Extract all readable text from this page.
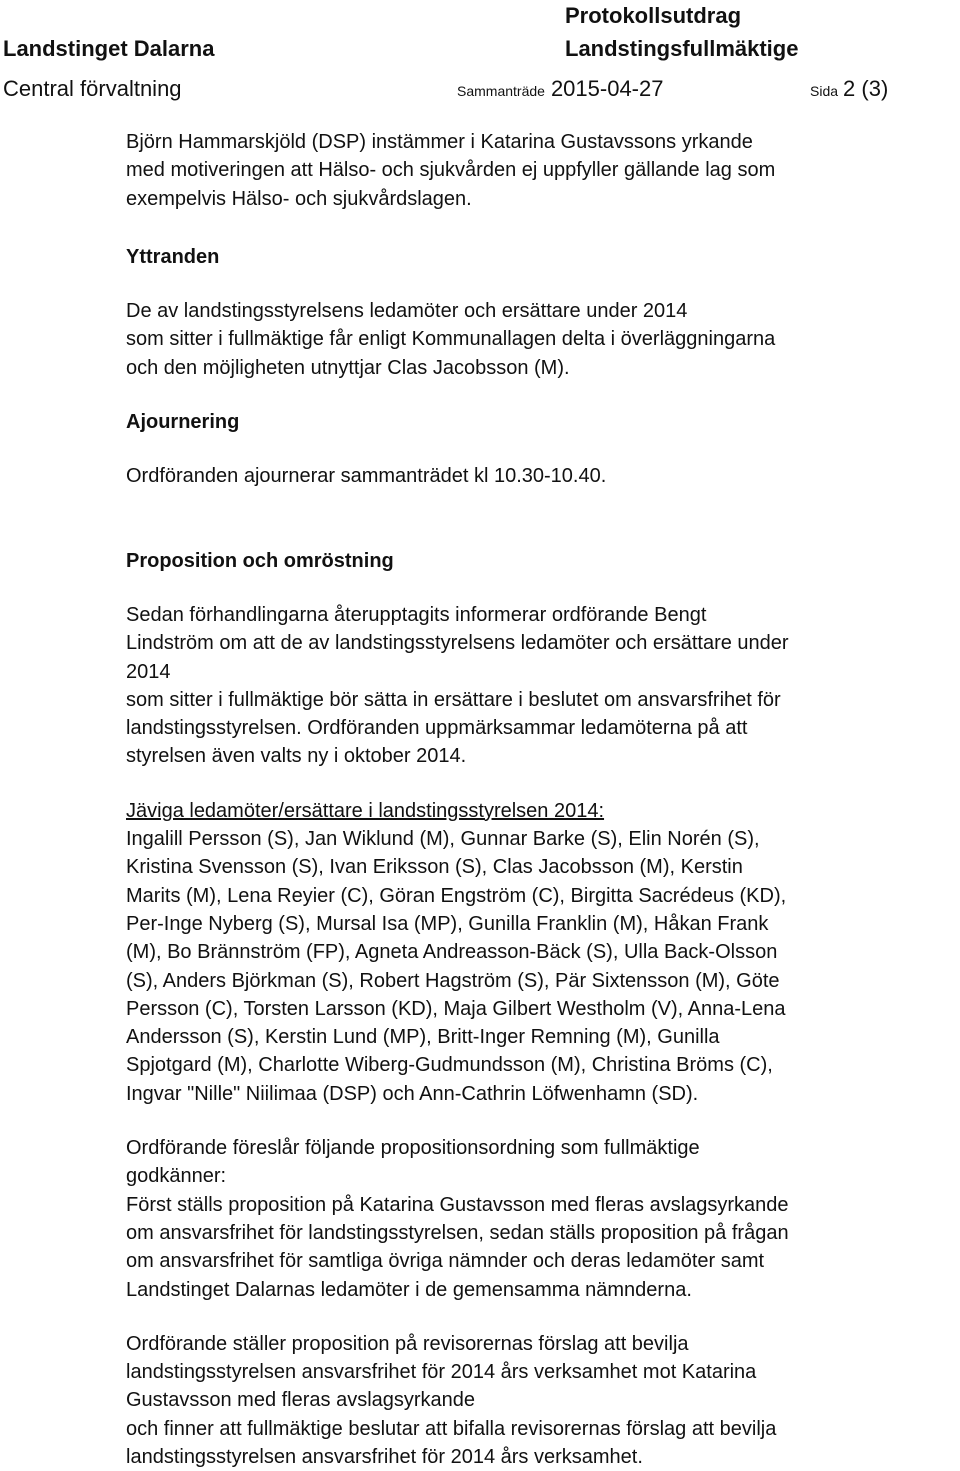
Protokollsutdrag
Landstinget Dalarna	Landstingsfullmäktige
Central förvaltning	Sammanträde 2015-04-27	Sida 2 (3)

Björn Hammarskjöld (DSP) instämmer i Katarina Gustavssons yrkande
med motiveringen att Hälso- och sjukvården ej uppfyller gällande lag som
exempelvis Hälso- och sjukvårdslagen.

Yttranden

De av landstingsstyrelsens ledamöter och ersättare under 2014
som sitter i fullmäktige får enligt Kommunallagen delta i överläggningarna
och den möjligheten utnyttjar Clas Jacobsson (M).

Ajournering

Ordföranden ajournerar sammanträdet kl 10.30-10.40.

Proposition och omröstning

Sedan förhandlingarna återupptagits informerar ordförande Bengt
Lindström om att de av landstingsstyrelsens ledamöter och ersättare under
2014
som sitter i fullmäktige bör sätta in ersättare i beslutet om ansvarsfrihet för
landstingsstyrelsen. Ordföranden uppmärksammar ledamöterna på att
styrelsen även valts ny i oktober 2014.

Jäviga ledamöter/ersättare i landstingsstyrelsen 2014:
Ingalill Persson (S), Jan Wiklund (M), Gunnar Barke (S), Elin Norén (S),
Kristina Svensson (S), Ivan Eriksson (S), Clas Jacobsson (M), Kerstin
Marits (M), Lena Reyier (C), Göran Engström (C), Birgitta Sacrédeus (KD),
Per-Inge Nyberg (S), Mursal Isa (MP), Gunilla Franklin (M), Håkan Frank
(M), Bo Brännström (FP), Agneta Andreasson-Bäck (S), Ulla Back-Olsson
(S), Anders Björkman (S), Robert Hagström (S), Pär Sixtensson (M), Göte
Persson (C), Torsten Larsson (KD), Maja Gilbert Westholm (V), Anna-Lena
Andersson (S), Kerstin Lund (MP), Britt-Inger Remning (M), Gunilla
Spjotgard (M), Charlotte Wiberg-Gudmundsson (M), Christina Bröms (C),
Ingvar "Nille" Niilimaa (DSP) och Ann-Cathrin Löfwenhamn (SD).

Ordförande föreslår följande propositionsordning som fullmäktige
godkänner:
Först ställs proposition på Katarina Gustavsson med fleras avslagsyrkande
om ansvarsfrihet för landstingsstyrelsen, sedan ställs proposition på frågan
om ansvarsfrihet för samtliga övriga nämnder och deras ledamöter samt
Landstinget Dalarnas ledamöter i de gemensamma nämnderna.

Ordförande ställer proposition på revisorernas förslag att bevilja
landstingsstyrelsen ansvarsfrihet för 2014 års verksamhet mot Katarina
Gustavsson med fleras avslagsyrkande
och finner att fullmäktige beslutar att bifalla revisorernas förslag att bevilja
landstingsstyrelsen ansvarsfrihet för 2014 års verksamhet.
